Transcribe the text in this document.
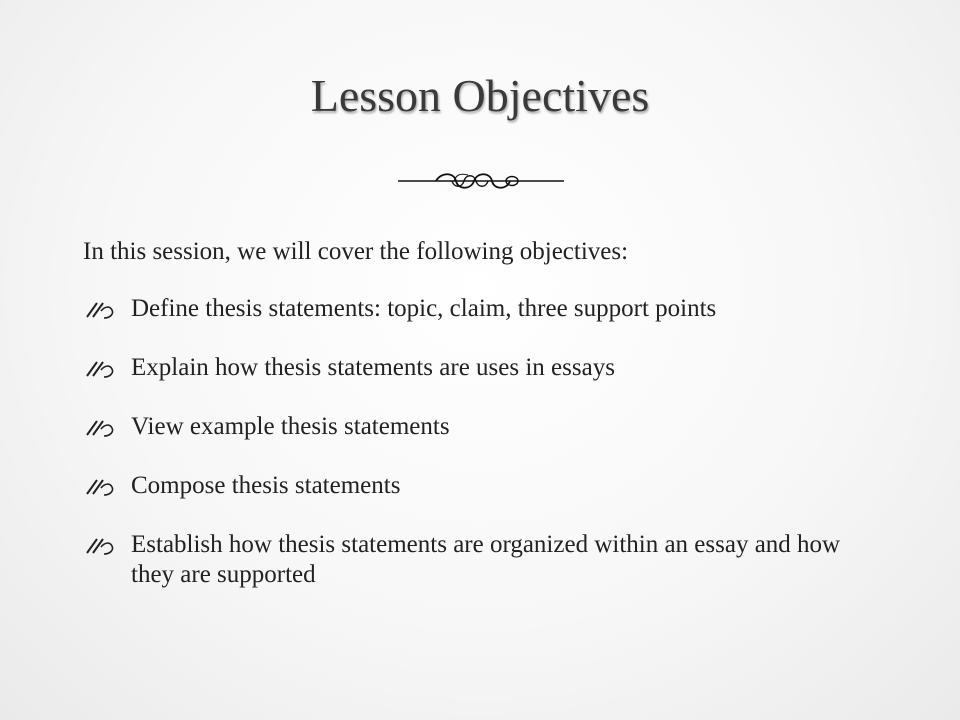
Lesson Objectives
In this session, we will cover the following objectives:
Define thesis statements: topic, claim, three support points
Explain how thesis statements are uses in essays
View example thesis statements
Compose thesis statements
Establish how thesis statements are organized within an essay and how they are supported
